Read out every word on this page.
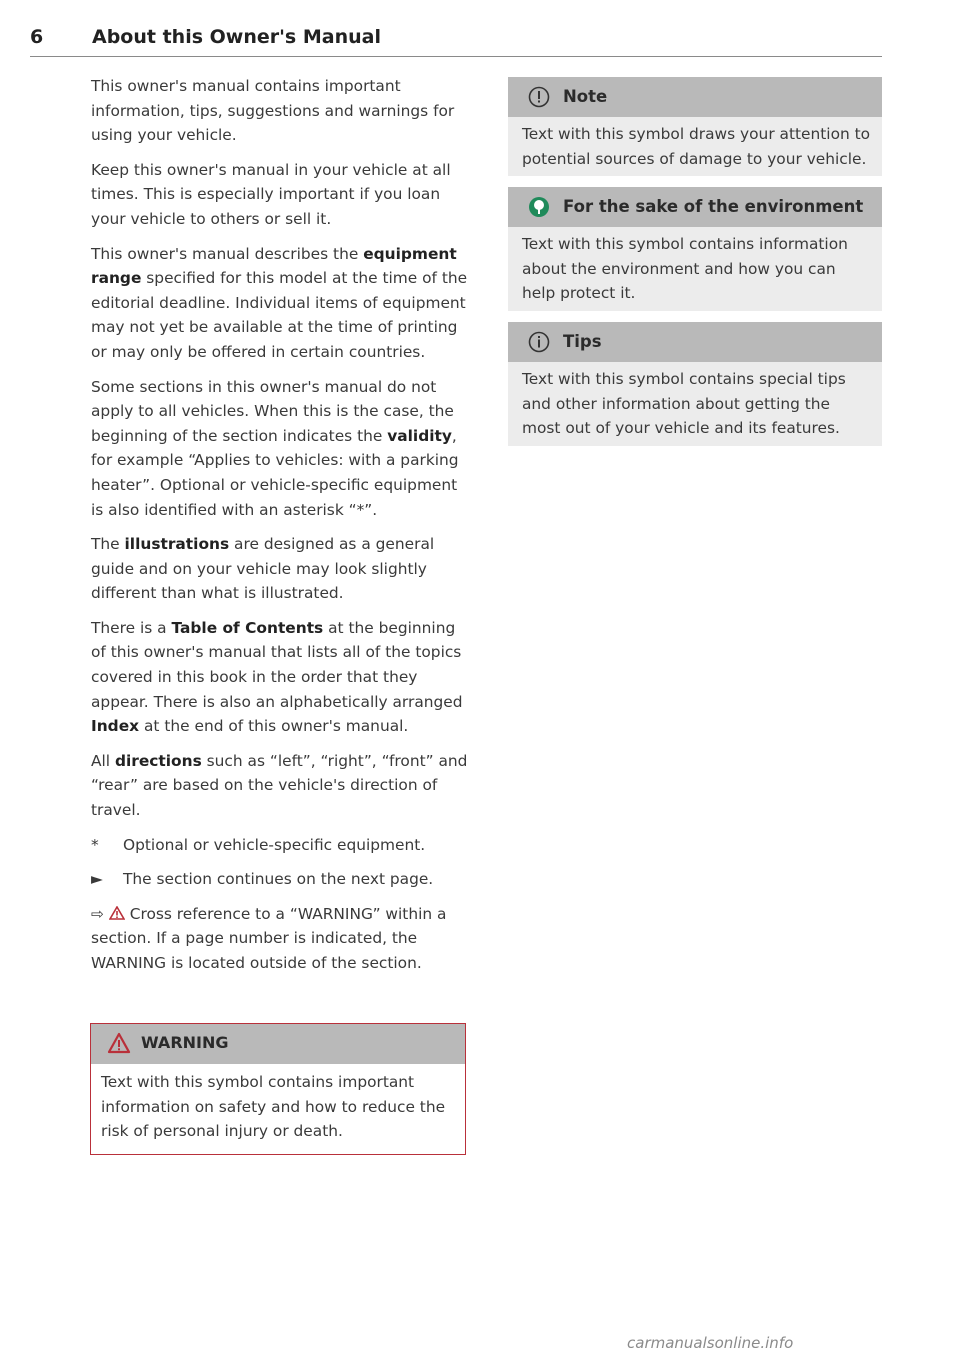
6	About this Owner's Manual

This owner's manual contains important information, tips, suggestions and warnings for using your vehicle.

Keep this owner's manual in your vehicle at all times. This is especially important if you loan your vehicle to others or sell it.

This owner's manual describes the equipment range specified for this model at the time of the editorial deadline. Individual items of equipment may not yet be available at the time of printing or may only be offered in certain countries.

Some sections in this owner's manual do not apply to all vehicles. When this is the case, the beginning of the section indicates the validity, for example “Applies to vehicles: with a parking heater”. Optional or vehicle-specific equipment is also identified with an asterisk “*”.

The illustrations are designed as a general guide and on your vehicle may look slightly different than what is illustrated.

There is a Table of Contents at the beginning of this owner's manual that lists all of the topics covered in this book in the order that they appear. There is also an alphabetically arranged Index at the end of this owner's manual.

All directions such as “left”, “right”, “front” and “rear” are based on the vehicle's direction of travel.

*	Optional or vehicle-specific equipment.
►	The section continues on the next page.

⇨ Cross reference to a “WARNING” within a section. If a page number is indicated, the WARNING is located outside of the section.

WARNING
Text with this symbol contains important information on safety and how to reduce the risk of personal injury or death.
Note
Text with this symbol draws your attention to potential sources of damage to your vehicle.
For the sake of the environment
Text with this symbol contains information about the environment and how you can help protect it.
Tips
Text with this symbol contains special tips and other information about getting the most out of your vehicle and its features.
carmanualsonline.info
